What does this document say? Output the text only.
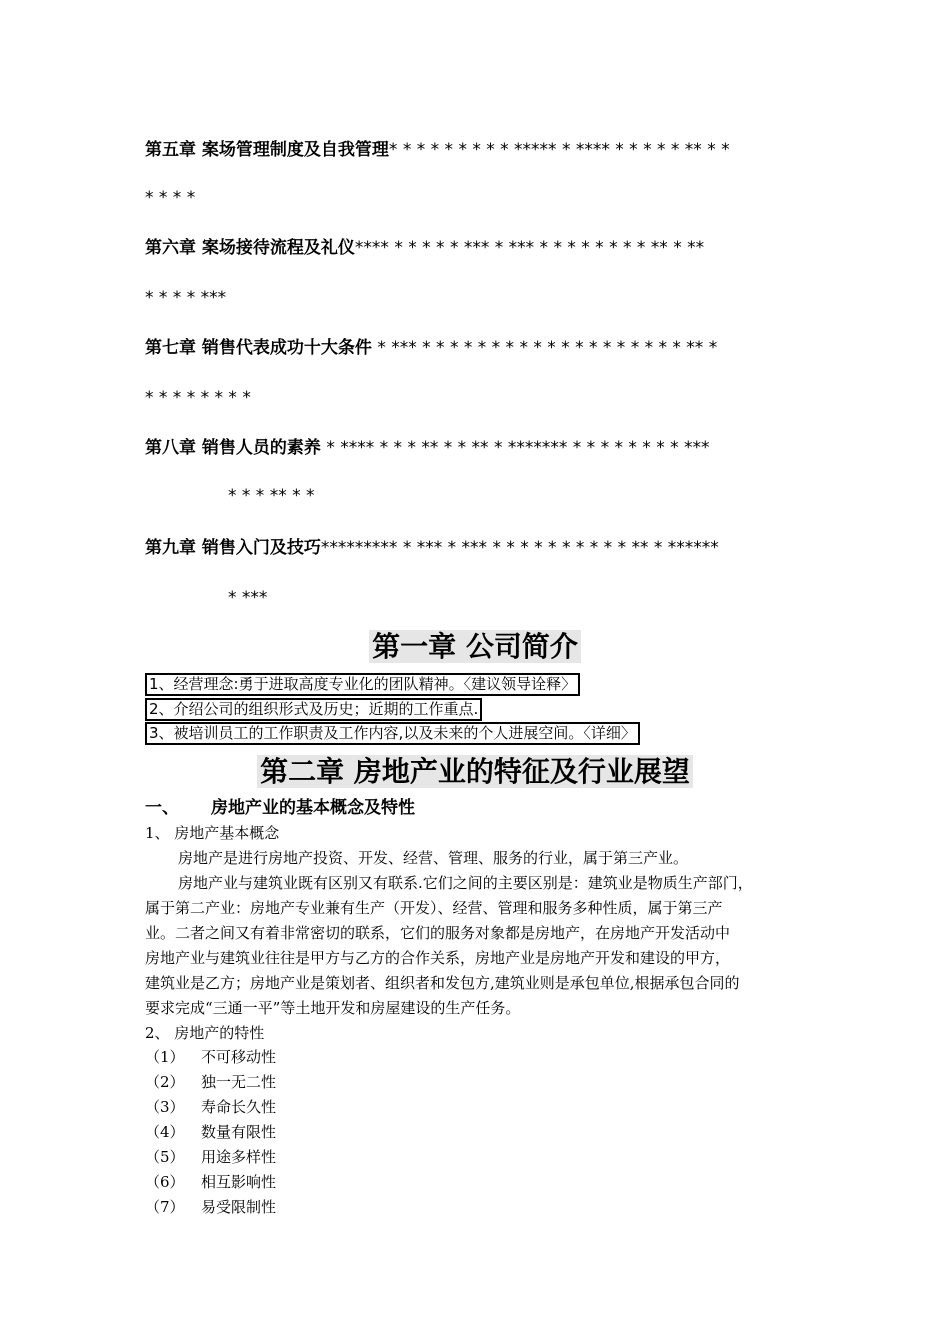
第五章 案场管理制度及自我管理* * * * * * * * * ***** * **** * * * * * ** * *
* * * *
第六章 案场接待流程及礼仪**** * * * * * *** * *** * * * * * * * * ** * **
* * * * ***
第七章 销售代表成功十大条件 * *** * * * * * * * * * * * * * * * * * * * ** *
* * * * * * * *
第八章 销售人员的素养 * **** * * * ** * * ** * ******* * * * * * * * * ***
* * * ** * *
第九章 销售入门及技巧********* * *** * *** * * * * * * * * * * ** * ******
* ***
第一章 公司简介
1、经营理念:勇于进取高度专业化的团队精神。〈建议领导诠释〉
2、介绍公司的组织形式及历史；近期的工作重点.
3、被培训员工的工作职责及工作内容,以及未来的个人进展空间。〈详细〉
第二章 房地产业的特征及行业展望
一、 房地产业的基本概念及特性
1、 房地产基本概念
房地产是进行房地产投资、开发、经营、管理、服务的行业，属于第三产业。
房地产业与建筑业既有区别又有联系.它们之间的主要区别是：建筑业是物质生产部门，
属于第二产业：房地产专业兼有生产（开发）、经营、管理和服务多种性质，属于第三产
业。二者之间又有着非常密切的联系，它们的服务对象都是房地产，在房地产开发活动中
房地产业与建筑业往往是甲方与乙方的合作关系，房地产业是房地产开发和建设的甲方，
建筑业是乙方；房地产业是策划者、组织者和发包方,建筑业则是承包单位,根据承包合同的
要求完成“三通一平”等土地开发和房屋建设的生产任务。
2、 房地产的特性
（1） 不可移动性
（2） 独一无二性
（3） 寿命长久性
（4） 数量有限性
（5） 用途多样性
（6） 相互影响性
（7） 易受限制性
